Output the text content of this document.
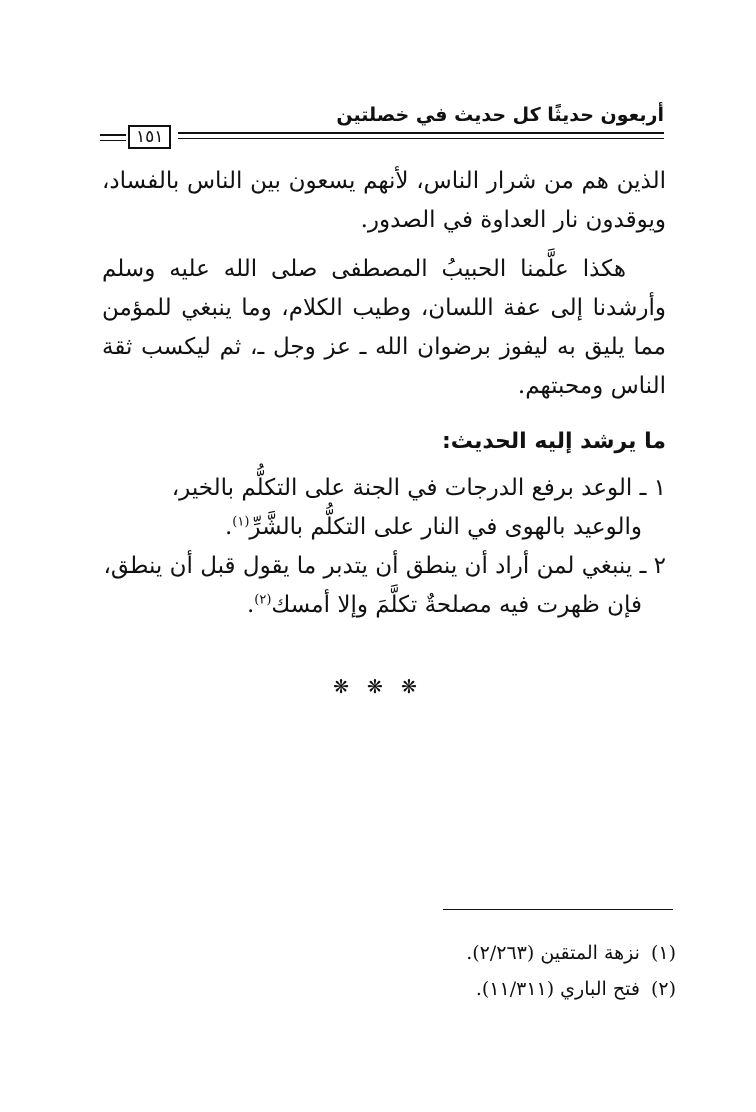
أربعون حديثًا كل حديث في خصلتين
١٥١

الذين هم من شرار الناس، لأنهم يسعون بين الناس بالفساد، ويوقدون نار العداوة في الصدور.

هكذا علَّمنا الحبيبُ المصطفى صلى الله عليه وسلم وأرشدنا إلى عفة اللسان، وطيب الكلام، وما ينبغي للمؤمن مما يليق به ليفوز برضوان الله ـ عز وجل ـ، ثم ليكسب ثقة الناس ومحبتهم.

ما يرشد إليه الحديث:

١ ـ الوعد برفع الدرجات في الجنة على التكلُّم بالخير،
والوعيد بالهوى في النار على التكلُّم بالشَّرِّ$^{(١)}$.
٢ ـ ينبغي لمن أراد أن ينطق أن يتدبر ما يقول قبل أن ينطق،
فإن ظهرت فيه مصلحةٌ تكلَّمَ وإلا أمسك$^{(٢)}$.
❋ ❋ ❋

(١) نزهة المتقين (٢/٢٦٣).

(٢) فتح الباري (١١/٣١١).
